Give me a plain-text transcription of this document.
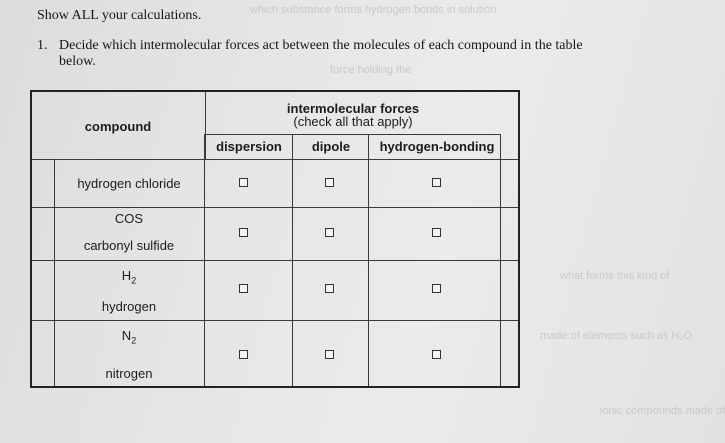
which substance forms hydrogen bonds in solution
force holding the
what forms this kind of
made of elements such as H₂O
ionic compounds made of
Show ALL your calculations.
1. Decide which intermolecular forces act between the molecules of each compound in the table below.
compound
intermolecular forces
(check all that apply)
dispersion	dipole	hydrogen-bonding
hydrogen chloride
COS
carbonyl sulfide
$H_2$
hydrogen
$N_2$
nitrogen
